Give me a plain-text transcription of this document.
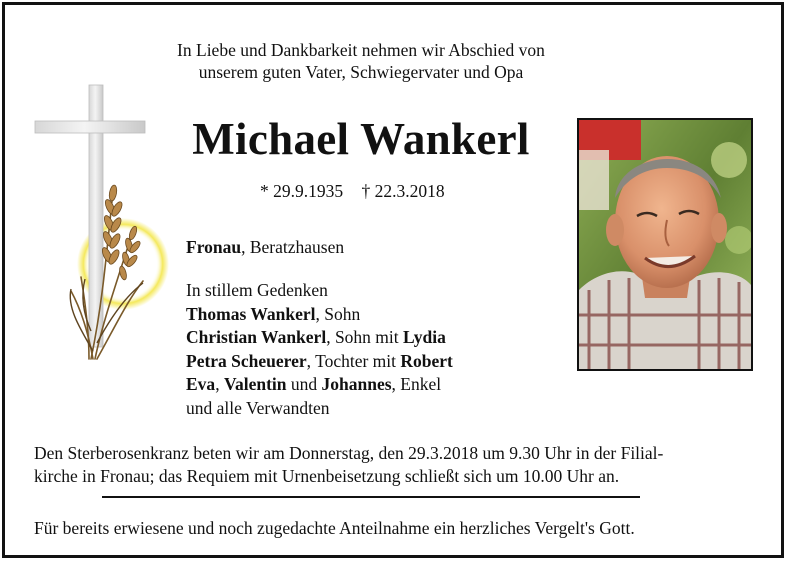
In Liebe und Dankbarkeit nehmen wir Abschied von
unserem guten Vater, Schwiegervater und Opa
Michael Wankerl
* 29.9.1935 † 22.3.2018
Fronau, Beratzhausen
In stillem Gedenken
Thomas Wankerl, Sohn
Christian Wankerl, Sohn mit Lydia
Petra Scheuerer, Tochter mit Robert
Eva, Valentin und Johannes, Enkel
und alle Verwandten
Den Sterberosenkranz beten wir am Donnerstag, den 29.3.2018 um 9.30 Uhr in der Filial-
kirche in Fronau; das Requiem mit Urnenbeisetzung schließt sich um 10.00 Uhr an.
Für bereits erwiesene und noch zugedachte Anteilnahme ein herzliches Vergelt's Gott.
